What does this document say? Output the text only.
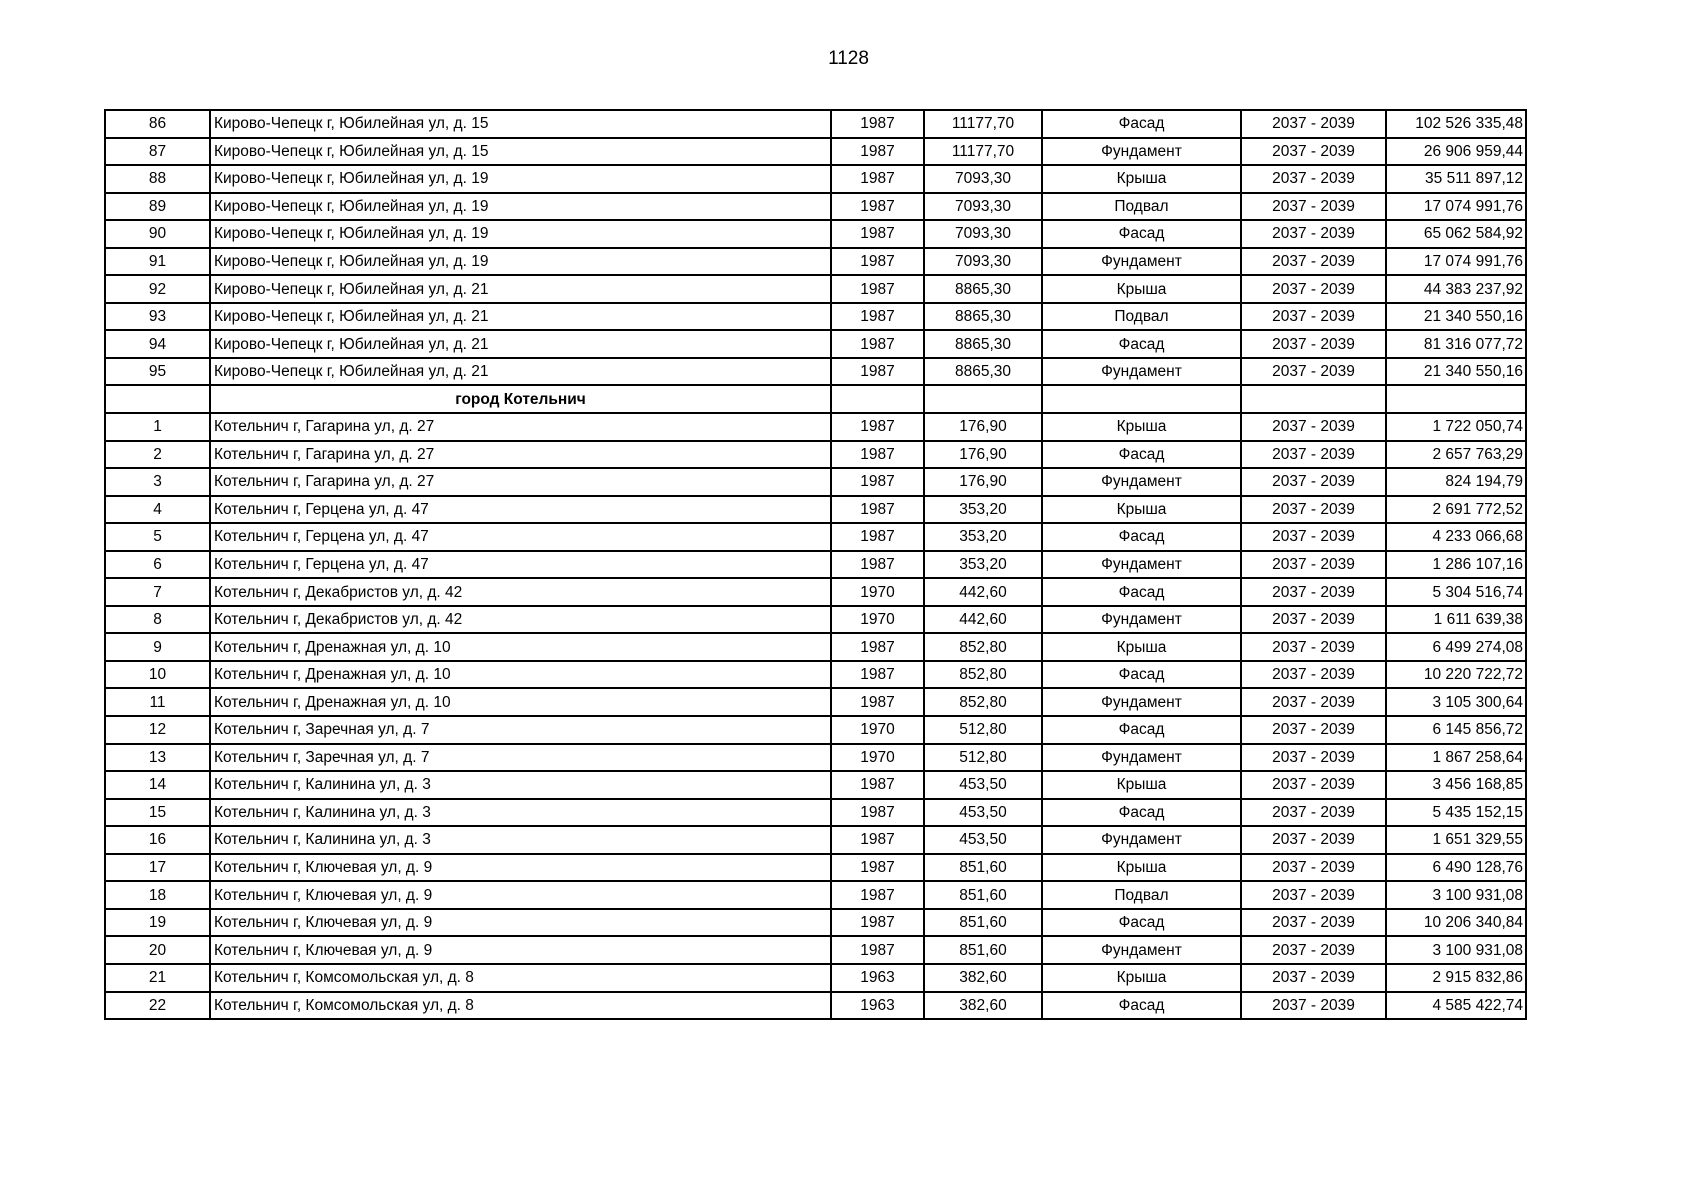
1128
86	Кирово-Чепецк г, Юбилейная ул, д. 15	1987	11177,70	Фасад	2037 - 2039	102 526 335,48
87	Кирово-Чепецк г, Юбилейная ул, д. 15	1987	11177,70	Фундамент	2037 - 2039	26 906 959,44
88	Кирово-Чепецк г, Юбилейная ул, д. 19	1987	7093,30	Крыша	2037 - 2039	35 511 897,12
89	Кирово-Чепецк г, Юбилейная ул, д. 19	1987	7093,30	Подвал	2037 - 2039	17 074 991,76
90	Кирово-Чепецк г, Юбилейная ул, д. 19	1987	7093,30	Фасад	2037 - 2039	65 062 584,92
91	Кирово-Чепецк г, Юбилейная ул, д. 19	1987	7093,30	Фундамент	2037 - 2039	17 074 991,76
92	Кирово-Чепецк г, Юбилейная ул, д. 21	1987	8865,30	Крыша	2037 - 2039	44 383 237,92
93	Кирово-Чепецк г, Юбилейная ул, д. 21	1987	8865,30	Подвал	2037 - 2039	21 340 550,16
94	Кирово-Чепецк г, Юбилейная ул, д. 21	1987	8865,30	Фасад	2037 - 2039	81 316 077,72
95	Кирово-Чепецк г, Юбилейная ул, д. 21	1987	8865,30	Фундамент	2037 - 2039	21 340 550,16
	город Котельнич					
1	Котельнич г, Гагарина ул, д. 27	1987	176,90	Крыша	2037 - 2039	1 722 050,74
2	Котельнич г, Гагарина ул, д. 27	1987	176,90	Фасад	2037 - 2039	2 657 763,29
3	Котельнич г, Гагарина ул, д. 27	1987	176,90	Фундамент	2037 - 2039	824 194,79
4	Котельнич г, Герцена ул, д. 47	1987	353,20	Крыша	2037 - 2039	2 691 772,52
5	Котельнич г, Герцена ул, д. 47	1987	353,20	Фасад	2037 - 2039	4 233 066,68
6	Котельнич г, Герцена ул, д. 47	1987	353,20	Фундамент	2037 - 2039	1 286 107,16
7	Котельнич г, Декабристов ул, д. 42	1970	442,60	Фасад	2037 - 2039	5 304 516,74
8	Котельнич г, Декабристов ул, д. 42	1970	442,60	Фундамент	2037 - 2039	1 611 639,38
9	Котельнич г, Дренажная ул, д. 10	1987	852,80	Крыша	2037 - 2039	6 499 274,08
10	Котельнич г, Дренажная ул, д. 10	1987	852,80	Фасад	2037 - 2039	10 220 722,72
11	Котельнич г, Дренажная ул, д. 10	1987	852,80	Фундамент	2037 - 2039	3 105 300,64
12	Котельнич г, Заречная ул, д. 7	1970	512,80	Фасад	2037 - 2039	6 145 856,72
13	Котельнич г, Заречная ул, д. 7	1970	512,80	Фундамент	2037 - 2039	1 867 258,64
14	Котельнич г, Калинина ул, д. 3	1987	453,50	Крыша	2037 - 2039	3 456 168,85
15	Котельнич г, Калинина ул, д. 3	1987	453,50	Фасад	2037 - 2039	5 435 152,15
16	Котельнич г, Калинина ул, д. 3	1987	453,50	Фундамент	2037 - 2039	1 651 329,55
17	Котельнич г, Ключевая ул, д. 9	1987	851,60	Крыша	2037 - 2039	6 490 128,76
18	Котельнич г, Ключевая ул, д. 9	1987	851,60	Подвал	2037 - 2039	3 100 931,08
19	Котельнич г, Ключевая ул, д. 9	1987	851,60	Фасад	2037 - 2039	10 206 340,84
20	Котельнич г, Ключевая ул, д. 9	1987	851,60	Фундамент	2037 - 2039	3 100 931,08
21	Котельнич г, Комсомольская ул, д. 8	1963	382,60	Крыша	2037 - 2039	2 915 832,86
22	Котельнич г, Комсомольская ул, д. 8	1963	382,60	Фасад	2037 - 2039	4 585 422,74
